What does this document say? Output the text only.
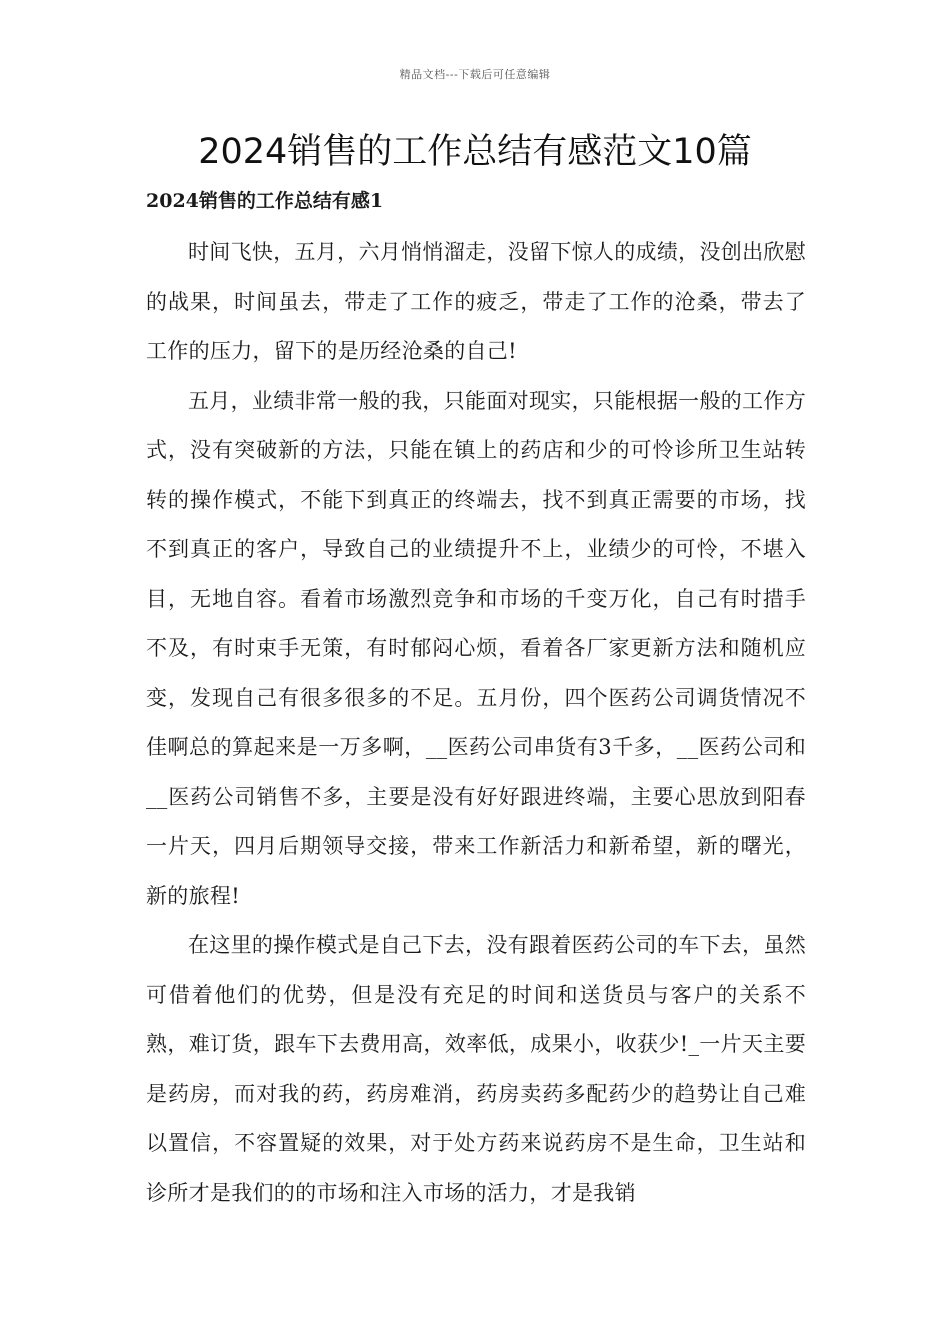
精品文档---下载后可任意编辑
2024销售的工作总结有感范文10篇
2024销售的工作总结有感1

时间飞快，五月，六月悄悄溜走，没留下惊人的成绩，没创出欣慰的战果，时间虽去，带走了工作的疲乏，带走了工作的沧桑，带去了工作的压力，留下的是历经沧桑的自己!

五月，业绩非常一般的我，只能面对现实，只能根据一般的工作方式，没有突破新的方法，只能在镇上的药店和少的可怜诊所卫生站转转的操作模式，不能下到真正的终端去，找不到真正需要的市场，找不到真正的客户，导致自己的业绩提升不上，业绩少的可怜，不堪入目，无地自容。看着市场激烈竞争和市场的千变万化，自己有时措手不及，有时束手无策，有时郁闷心烦，看着各厂家更新方法和随机应变，发现自己有很多很多的不足。五月份，四个医药公司调货情况不佳啊总的算起来是一万多啊，__医药公司串货有3千多，__医药公司和__医药公司销售不多，主要是没有好好跟进终端，主要心思放到阳春一片天，四月后期领导交接，带来工作新活力和新希望，新的曙光，新的旅程!

在这里的操作模式是自己下去，没有跟着医药公司的车下去，虽然可借着他们的优势，但是没有充足的时间和送货员与客户的关系不熟，难订货，跟车下去费用高，效率低，成果小，收获少!_一片天主要是药房，而对我的药，药房难消，药房卖药多配药少的趋势让自己难以置信，不容置疑的效果，对于处方药来说药房不是生命，卫生站和诊所才是我们的的市场和注入市场的活力，才是我销
